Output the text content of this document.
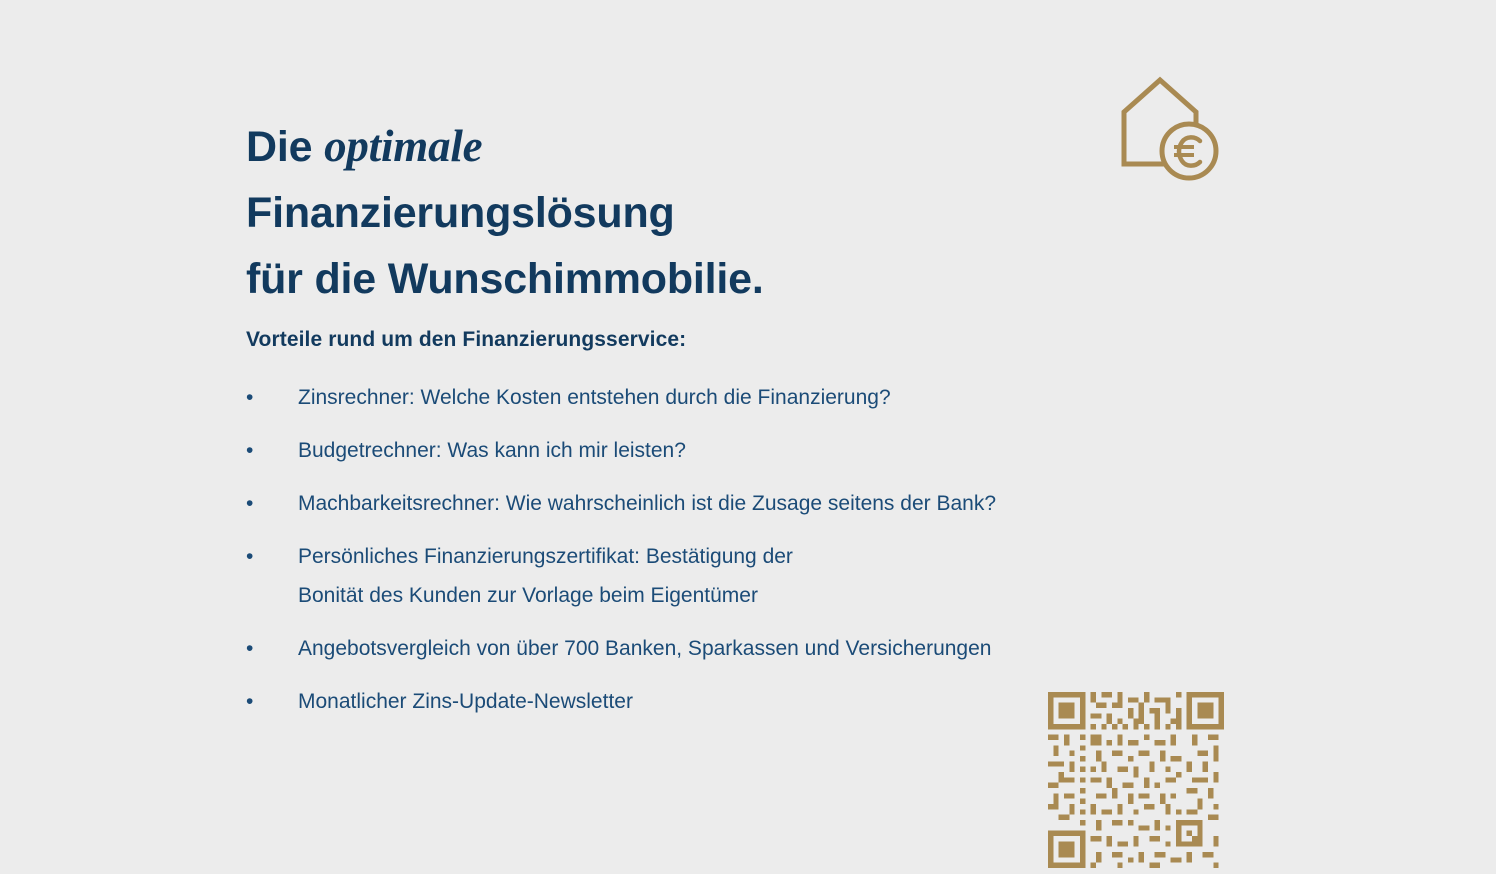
Die optimale
Finanzierungslösung
für die Wunschimmobilie.
Vorteile rund um den Finanzierungsservice:
•	Zinsrechner: Welche Kosten entstehen durch die Finanzierung?
•	Budgetrechner: Was kann ich mir leisten?
•	Machbarkeitsrechner: Wie wahrscheinlich ist die Zusage seitens der Bank?
•	Persönliches Finanzierungszertifikat: Bestätigung der
Bonität des Kunden zur Vorlage beim Eigentümer
•	Angebotsvergleich von über 700 Banken, Sparkassen und Versicherungen
•	Monatlicher Zins-Update-Newsletter
